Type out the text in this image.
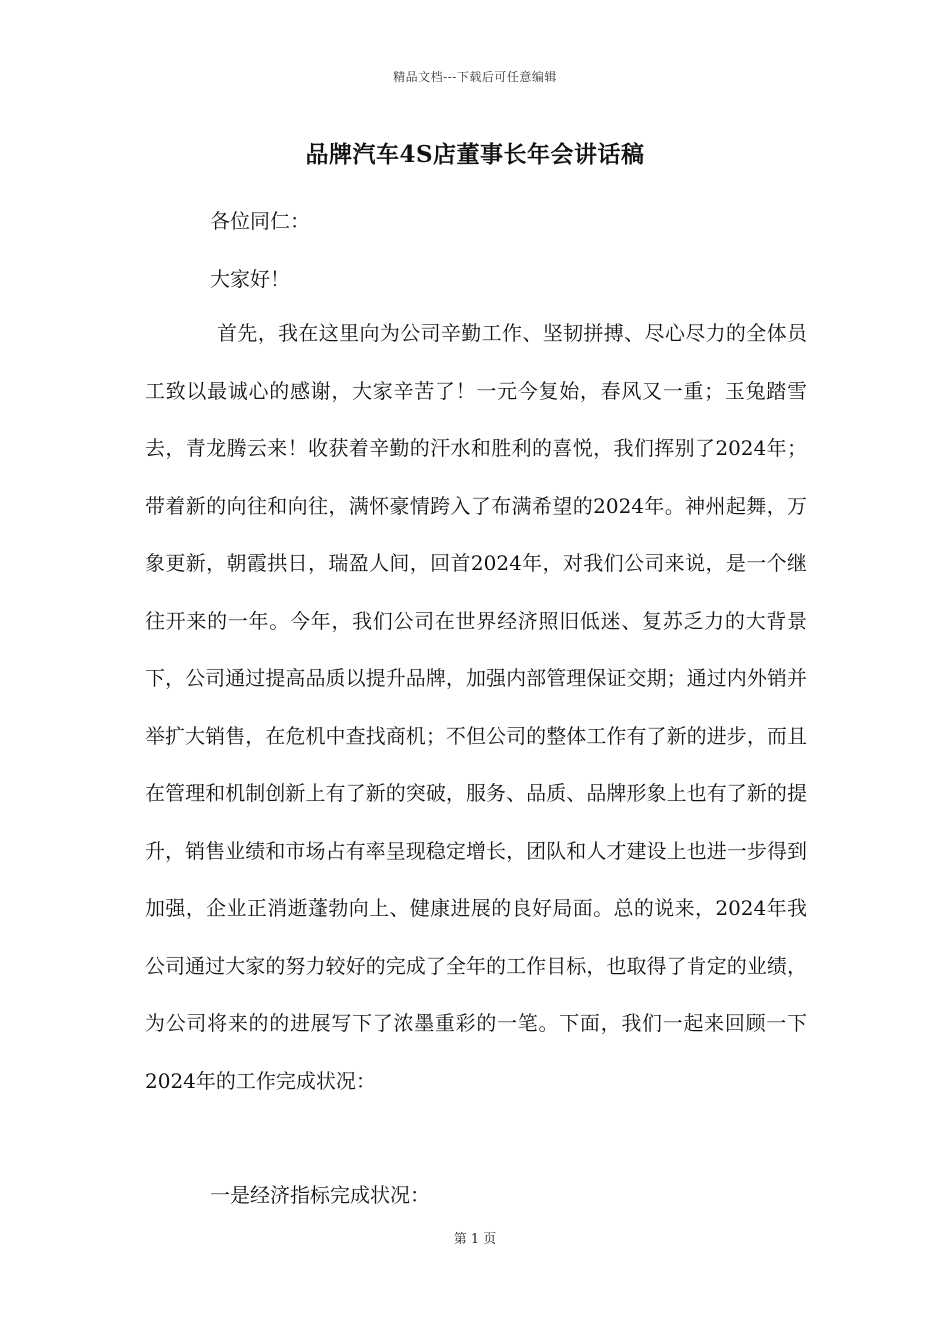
精品文档---下载后可任意编辑
品牌汽车4S店董事长年会讲话稿
各位同仁：
大家好！
首先，我在这里向为公司辛勤工作、坚韧拼搏、尽心尽力的全体员工致以最诚心的感谢，大家辛苦了！一元今复始，春风又一重；玉兔踏雪去，青龙腾云来！收获着辛勤的汗水和胜利的喜悦，我们挥别了2024年；带着新的向往和向往，满怀豪情跨入了布满希望的2024年。神州起舞，万象更新，朝霞拱日，瑞盈人间，回首2024年，对我们公司来说，是一个继往开来的一年。今年，我们公司在世界经济照旧低迷、复苏乏力的大背景下，公司通过提高品质以提升品牌，加强内部管理保证交期；通过内外销并举扩大销售，在危机中查找商机；不但公司的整体工作有了新的进步，而且在管理和机制创新上有了新的突破，服务、品质、品牌形象上也有了新的提升，销售业绩和市场占有率呈现稳定增长，团队和人才建设上也进一步得到加强，企业正消逝蓬勃向上、健康进展的良好局面。总的说来，2024年我公司通过大家的努力较好的完成了全年的工作目标，也取得了肯定的业绩，为公司将来的的进展写下了浓墨重彩的一笔。下面，我们一起来回顾一下2024年的工作完成状况：
一是经济指标完成状况：
第 1 页
